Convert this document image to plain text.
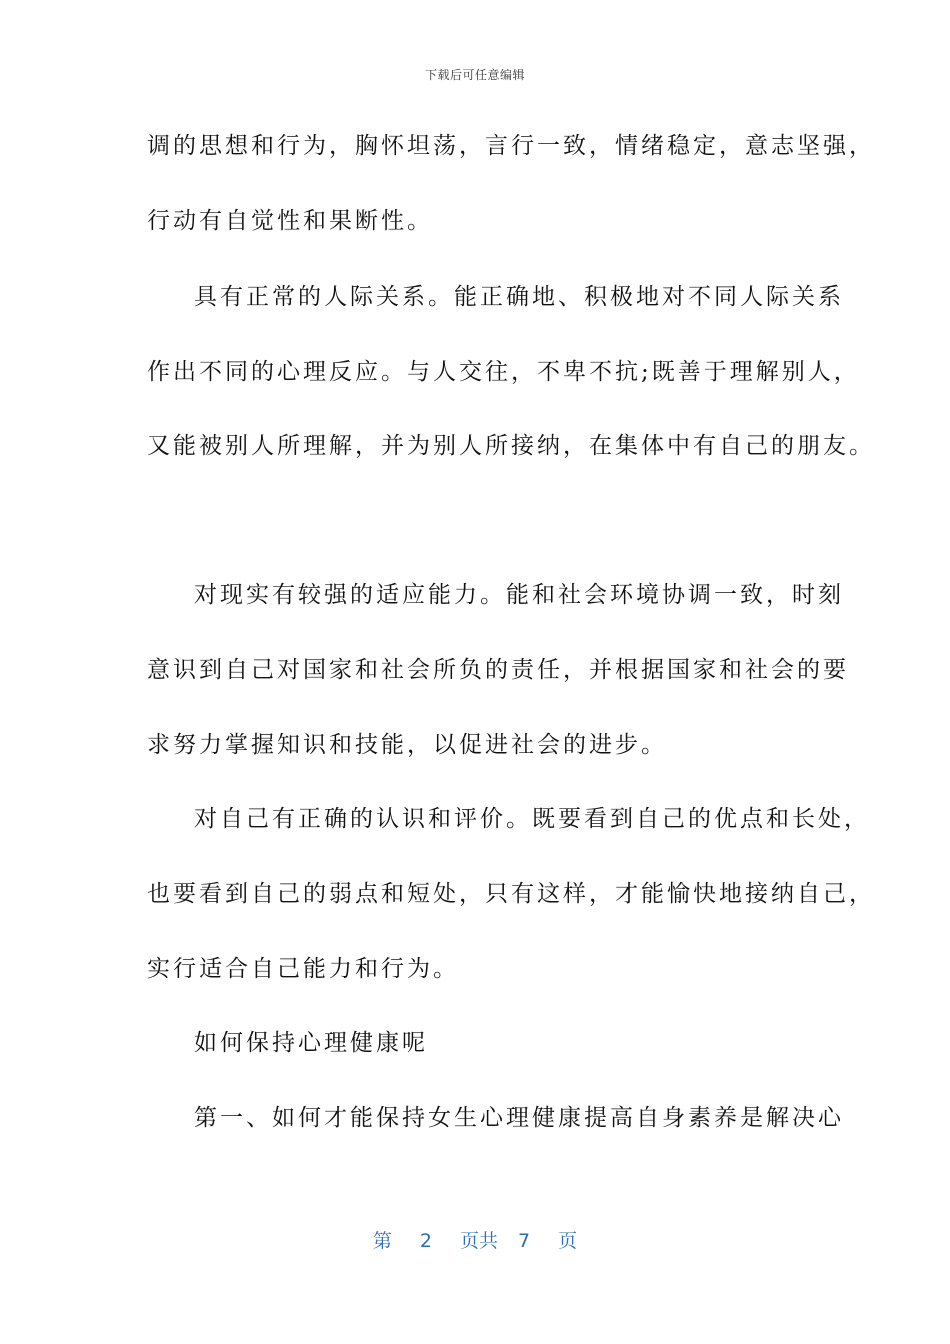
下载后可任意编辑
调的思想和行为，胸怀坦荡，言行一致，情绪稳定，意志坚强，
行动有自觉性和果断性。
具有正常的人际关系。能正确地、积极地对不同人际关系
作出不同的心理反应。与人交往，不卑不抗;既善于理解别人，
又能被别人所理解，并为别人所接纳，在集体中有自己的朋友。
对现实有较强的适应能力。能和社会环境协调一致，时刻
意识到自己对国家和社会所负的责任，并根据国家和社会的要
求努力掌握知识和技能，以促进社会的进步。
对自己有正确的认识和评价。既要看到自己的优点和长处，
也要看到自己的弱点和短处，只有这样，才能愉快地接纳自己，
实行适合自己能力和行为。
如何保持心理健康呢
第一、如何才能保持女生心理健康提高自身素养是解决心
第 2 页共 7 页
